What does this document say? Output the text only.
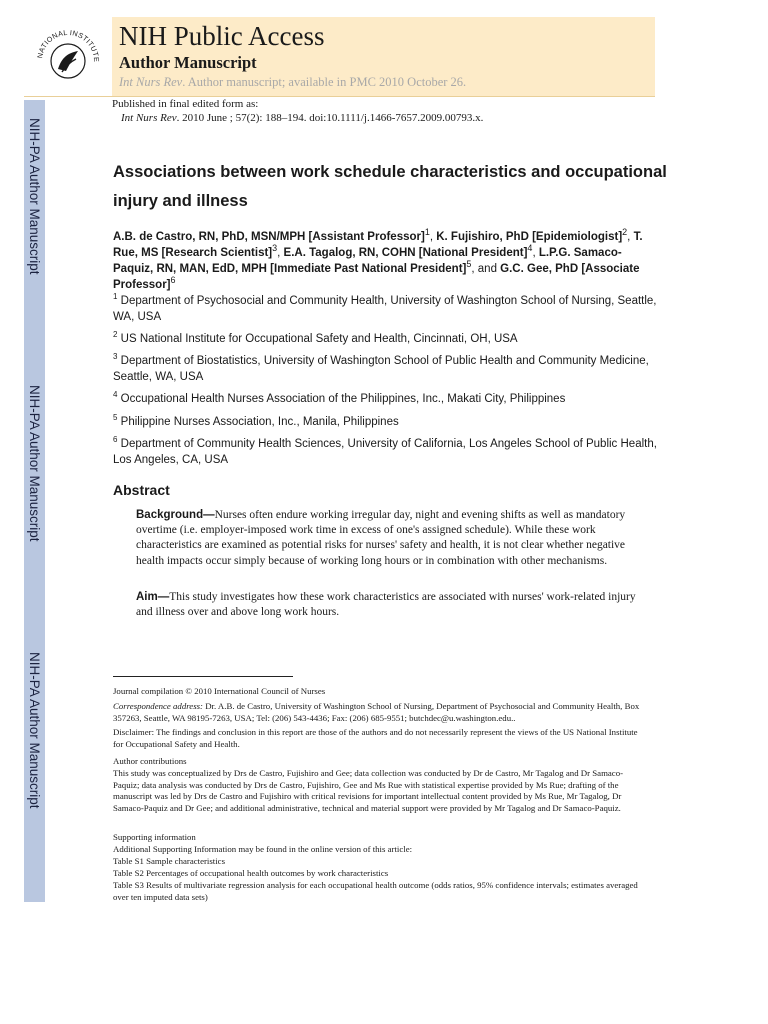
NIH-PA Author Manuscript
NIH-PA Author Manuscript
NIH-PA Author Manuscript
NATIONAL INSTITUTE
NIH Public Access
Author Manuscript
Int Nurs Rev. Author manuscript; available in PMC 2010 October 26.
Published in final edited form as:
Int Nurs Rev. 2010 June ; 57(2): 188–194. doi:10.1111/j.1466-7657.2009.00793.x.
Associations between work schedule characteristics and occupational injury and illness
A.B. de Castro, RN, PhD, MSN/MPH [Assistant Professor]$^1$, K. Fujishiro, PhD [Epidemiologist]$^2$, T. Rue, MS [Research Scientist]$^3$, E.A. Tagalog, RN, COHN [National President]$^4$, L.P.G. Samaco-Paquiz, RN, MAN, EdD, MPH [Immediate Past National President]$^5$, and G.C. Gee, PhD [Associate Professor]$^6$
$^1$ Department of Psychosocial and Community Health, University of Washington School of Nursing, Seattle, WA, USA
$^2$ US National Institute for Occupational Safety and Health, Cincinnati, OH, USA
$^3$ Department of Biostatistics, University of Washington School of Public Health and Community Medicine, Seattle, WA, USA
$^4$ Occupational Health Nurses Association of the Philippines, Inc., Makati City, Philippines
$^5$ Philippine Nurses Association, Inc., Manila, Philippines
$^6$ Department of Community Health Sciences, University of California, Los Angeles School of Public Health, Los Angeles, CA, USA
Abstract
Background—Nurses often endure working irregular day, night and evening shifts as well as mandatory overtime (i.e. employer-imposed work time in excess of one's assigned schedule). While these work characteristics are examined as potential risks for nurses' safety and health, it is not clear whether negative health impacts occur simply because of working long hours or in combination with other mechanisms.
Aim—This study investigates how these work characteristics are associated with nurses' work-related injury and illness over and above long work hours.
Journal compilation © 2010 International Council of Nurses
Correspondence address: Dr. A.B. de Castro, University of Washington School of Nursing, Department of Psychosocial and Community Health, Box 357263, Seattle, WA 98195-7263, USA; Tel: (206) 543-4436; Fax: (206) 685-9551; butchdec@u.washington.edu..
Disclaimer: The findings and conclusion in this report are those of the authors and do not necessarily represent the views of the US National Institute for Occupational Safety and Health.
Author contributions
This study was conceptualized by Drs de Castro, Fujishiro and Gee; data collection was conducted by Dr de Castro, Mr Tagalog and Dr Samaco-Paquiz; data analysis was conducted by Drs de Castro, Fujishiro, Gee and Ms Rue with statistical expertise provided by Ms Rue; drafting of the manuscript was led by Drs de Castro and Fujishiro with critical revisions for important intellectual content provided by Ms Rue, Mr Tagalog, Dr Samaco-Paquiz and Dr Gee; and additional administrative, technical and material support were provided by Mr Tagalog and Dr Samaco-Paquiz.
Supporting information
Additional Supporting Information may be found in the online version of this article:
Table S1 Sample characteristics
Table S2 Percentages of occupational health outcomes by work characteristics
Table S3 Results of multivariate regression analysis for each occupational health outcome (odds ratios, 95% confidence intervals; estimates averaged over ten imputed data sets)
